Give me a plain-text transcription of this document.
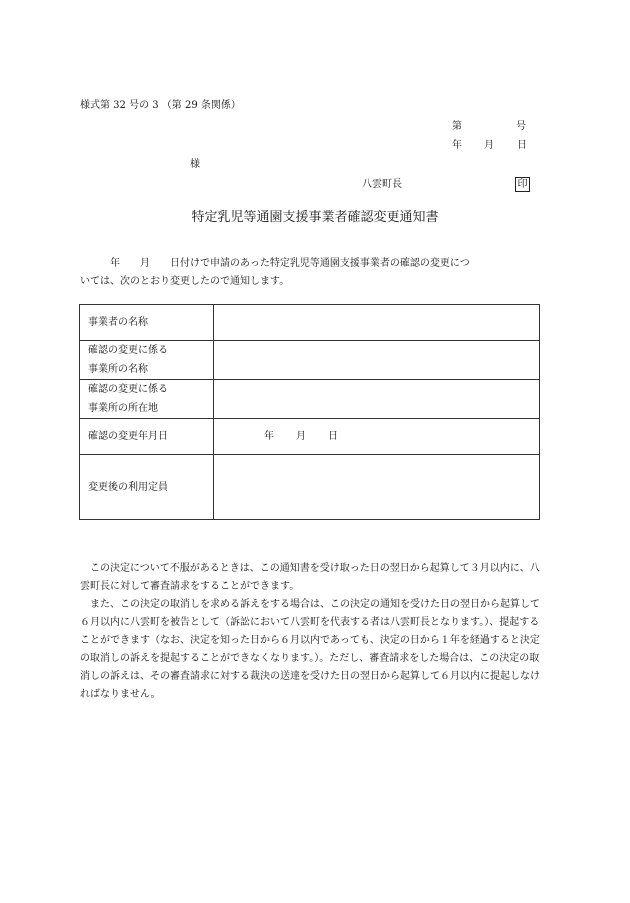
様式第 32 号の 3 （第 29 条関係）
第	号
年 月 日
様
八雲町長	印
特定乳児等通園支援事業者確認変更通知書
　　　年　　月　　日付けで申請のあった特定乳児等通園支援事業者の確認の変更につ
いては、次のとおり変更したので通知します。
事業者の名称	

確認の変更に係る
事業所の名称	

確認の変更に係る
事業所の所在地	

確認の変更年月日	年 月 日
変更後の利用定員	
　この決定について不服があるときは、この通知書を受け取った日の翌日から起算して３月以内に、八
雲町長に対して審査請求をすることができます。
　また、この決定の取消しを求める訴えをする場合は、この決定の通知を受けた日の翌日から起算して
６月以内に八雲町を被告として（訴訟において八雲町を代表する者は八雲町長となります。）、提起する
ことができます（なお、決定を知った日から６月以内であっても、決定の日から１年を経過すると決定
の取消しの訴えを提起することができなくなります。）。ただし、審査請求をした場合は、この決定の取
消しの訴えは、その審査請求に対する裁決の送達を受けた日の翌日から起算して６月以内に提起しなけ
ればなりません。
